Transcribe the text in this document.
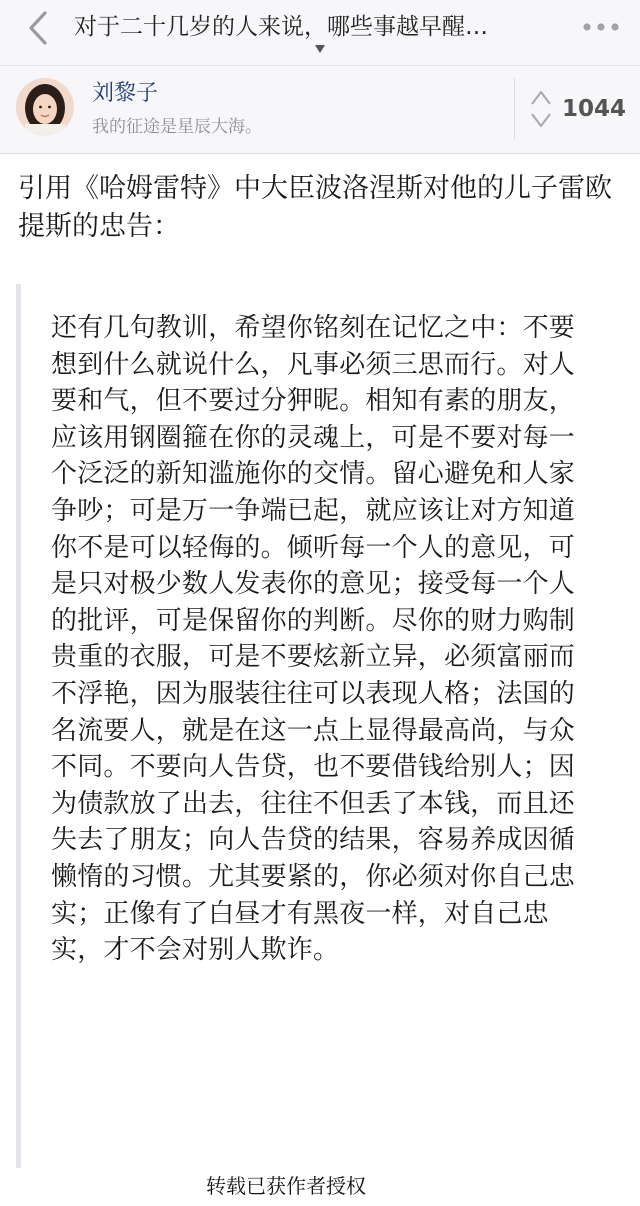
对于二十几岁的人来说，哪些事越早醒…
刘黎子
我的征途是星辰大海。
1044

引用《哈姆雷特》中大臣波洛涅斯对他的儿子雷欧提斯的忠告：

还有几句教训，希望你铭刻在记忆之中：不要想到什么就说什么，凡事必须三思而行。对人要和气，但不要过分狎昵。相知有素的朋友，应该用钢圈箍在你的灵魂上，可是不要对每一个泛泛的新知滥施你的交情。留心避免和人家争吵；可是万一争端已起，就应该让对方知道你不是可以轻侮的。倾听每一个人的意见，可是只对极少数人发表你的意见；接受每一个人的批评，可是保留你的判断。尽你的财力购制贵重的衣服，可是不要炫新立异，必须富丽而不浮艳，因为服装往往可以表现人格；法国的名流要人，就是在这一点上显得最高尚，与众不同。不要向人告贷，也不要借钱给别人；因为债款放了出去，往往不但丢了本钱，而且还失去了朋友；向人告贷的结果，容易养成因循懒惰的习惯。尤其要紧的，你必须对你自己忠实；正像有了白昼才有黑夜一样，对自己忠实，才不会对别人欺诈。

转载已获作者授权
